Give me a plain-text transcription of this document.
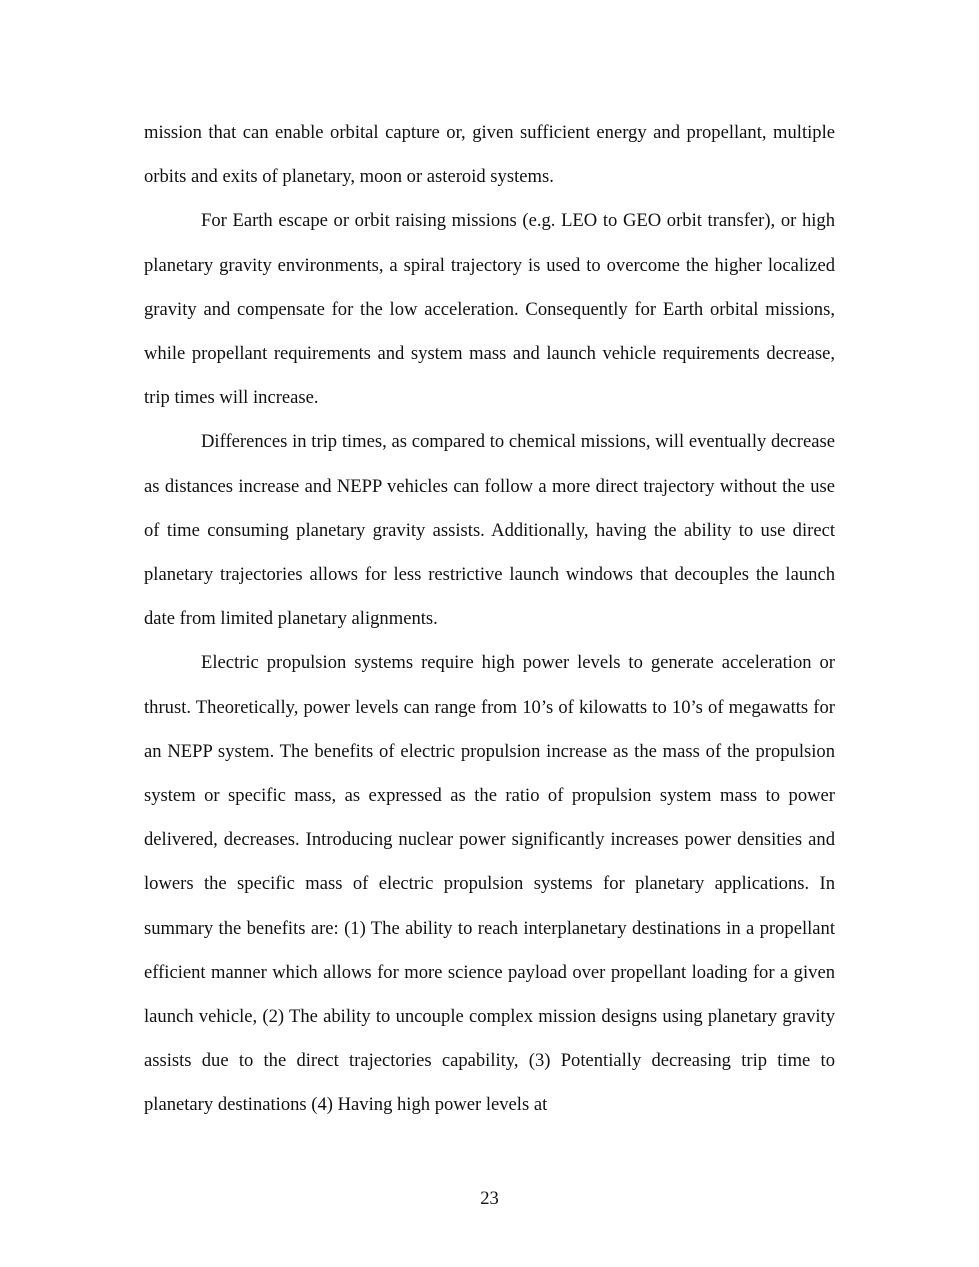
mission that can enable orbital capture or, given sufficient energy and propellant, multiple orbits and exits of planetary, moon or asteroid systems.

For Earth escape or orbit raising missions (e.g. LEO to GEO orbit transfer), or high planetary gravity environments, a spiral trajectory is used to overcome the higher localized gravity and compensate for the low acceleration. Consequently for Earth orbital missions, while propellant requirements and system mass and launch vehicle requirements decrease, trip times will increase.

Differences in trip times, as compared to chemical missions, will eventually decrease as distances increase and NEPP vehicles can follow a more direct trajectory without the use of time consuming planetary gravity assists. Additionally, having the ability to use direct planetary trajectories allows for less restrictive launch windows that decouples the launch date from limited planetary alignments.

Electric propulsion systems require high power levels to generate acceleration or thrust. Theoretically, power levels can range from 10’s of kilowatts to 10’s of megawatts for an NEPP system. The benefits of electric propulsion increase as the mass of the propulsion system or specific mass, as expressed as the ratio of propulsion system mass to power delivered, decreases. Introducing nuclear power significantly increases power densities and lowers the specific mass of electric propulsion systems for planetary applications. In summary the benefits are: (1) The ability to reach interplanetary destinations in a propellant efficient manner which allows for more science payload over propellant loading for a given launch vehicle, (2) The ability to uncouple complex mission designs using planetary gravity assists due to the direct trajectories capability, (3) Potentially decreasing trip time to planetary destinations (4) Having high power levels at

23
